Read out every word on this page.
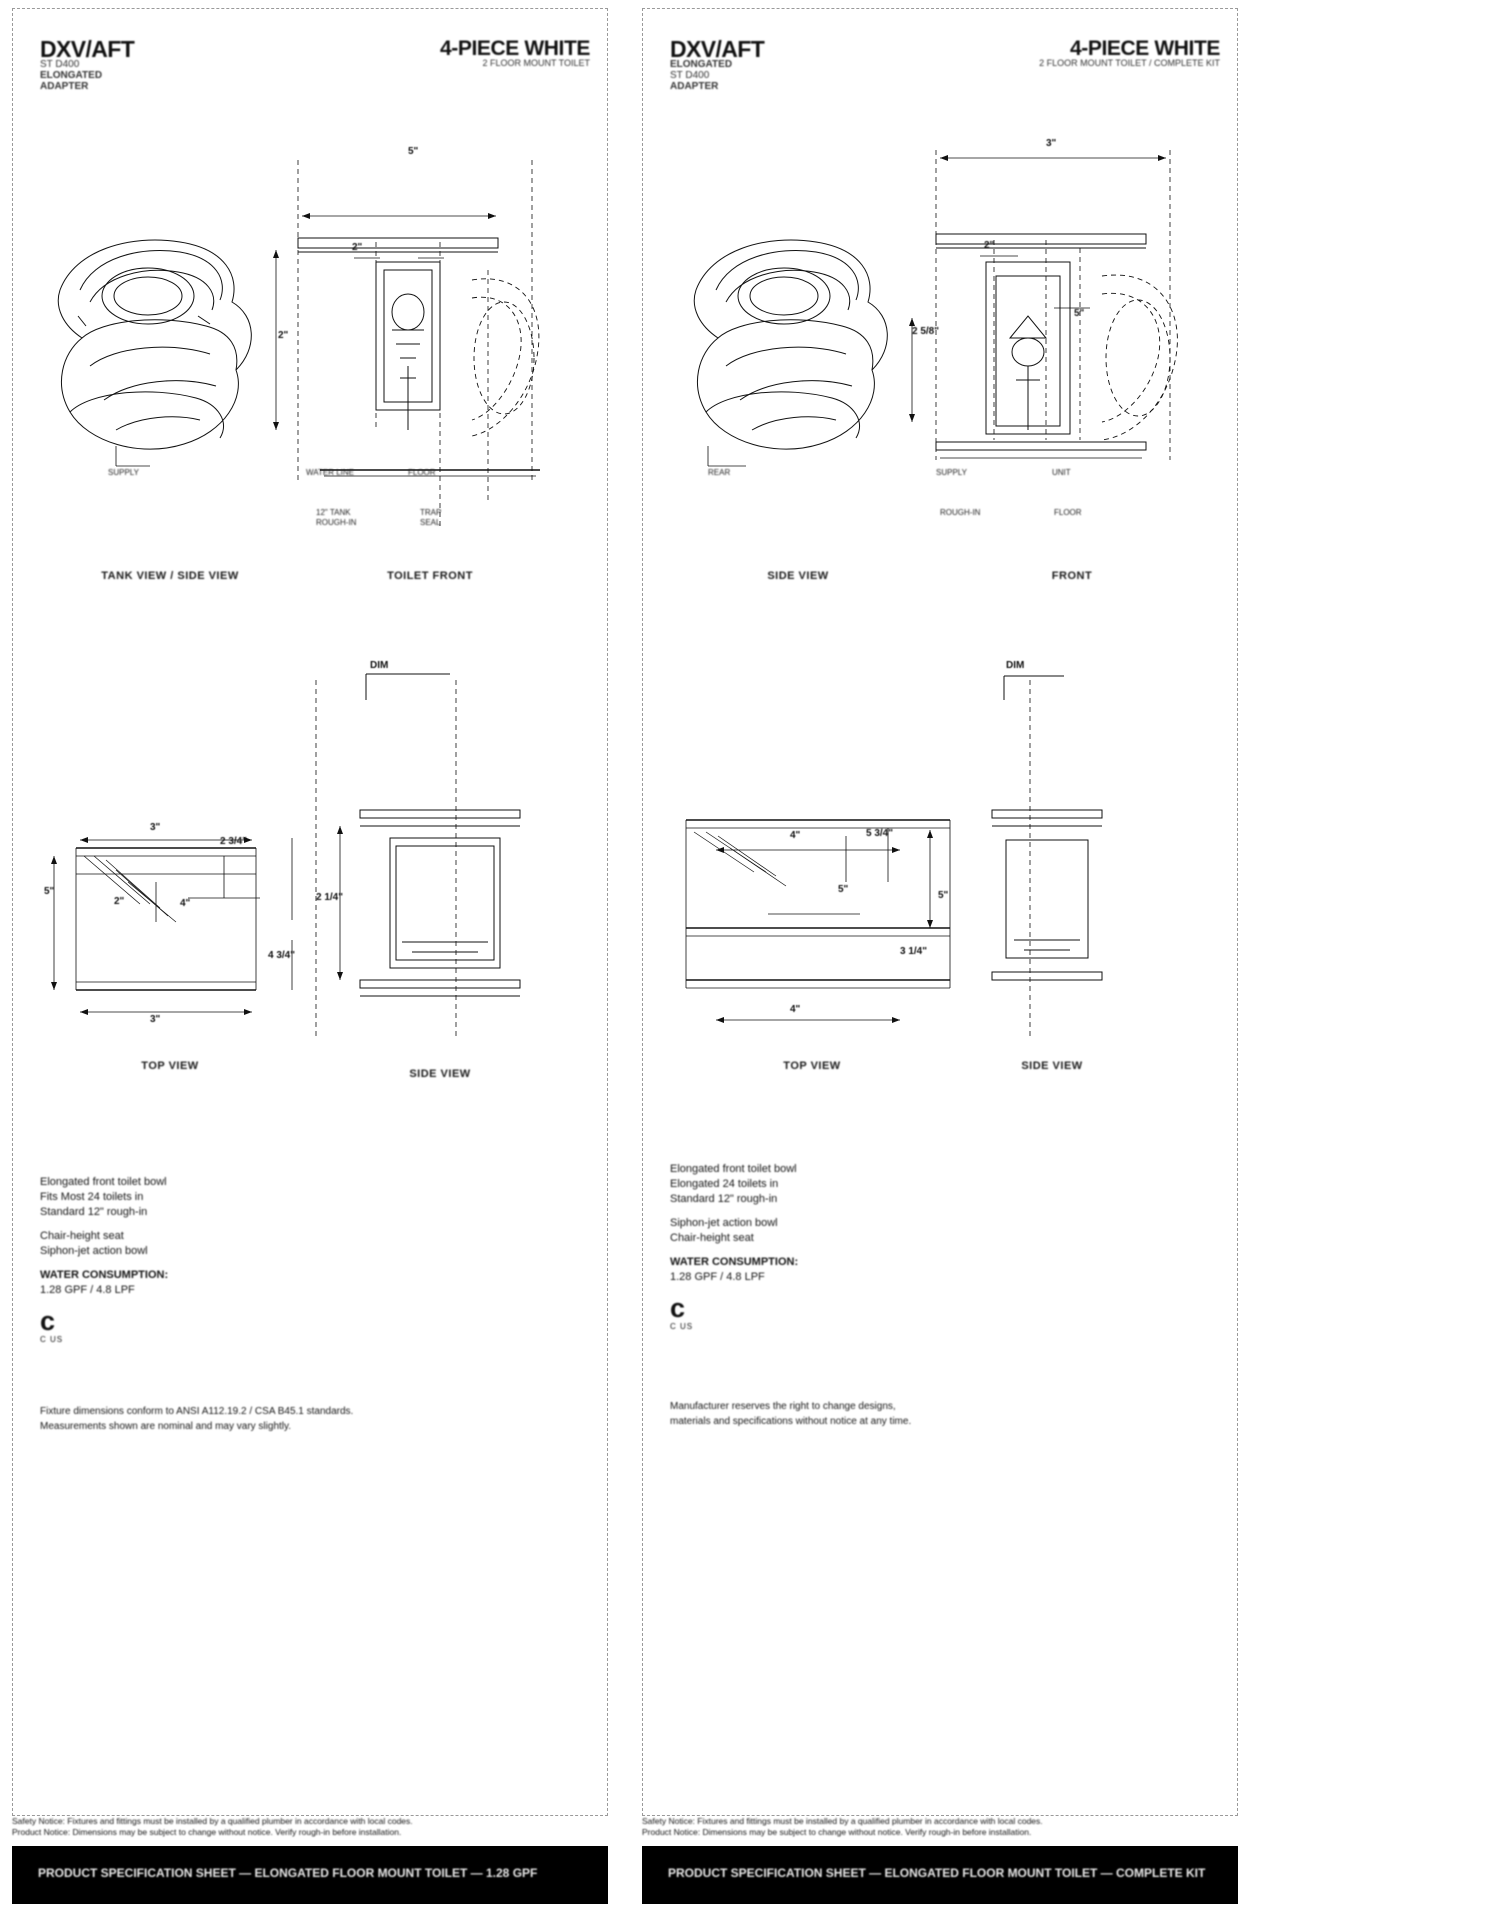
DXV/AFT
ST D400
ELONGATED
ADAPTER
4-PIECE WHITE
2 FLOOR MOUNT TOILET
5"
2"
2"
SUPPLY	WATER LINE	FLOOR
12" TANK
ROUGH-IN
TRAP
SEAL
TANK VIEW / SIDE VIEW	TOILET FRONT
3"
3"
5"
2 3/4"
4"
4 3/4"
2"	2 1/4"
DIM
TOP VIEW
SIDE VIEW
Elongated front toilet bowl
Fits Most 24 toilets in
Standard 12" rough-in
Chair-height seat
Siphon-jet action bowl
WATER CONSUMPTION:
1.28 GPF / 4.8 LPF
c
C US
Fixture dimensions conform to ANSI A112.19.2 / CSA B45.1 standards.
Measurements shown are nominal and may vary slightly.
Safety Notice: Fixtures and fittings must be installed by a qualified plumber in accordance with local codes.
Product Notice: Dimensions may be subject to change without notice. Verify rough-in before installation.
PRODUCT SPECIFICATION SHEET — ELONGATED FLOOR MOUNT TOILET — 1.28 GPF
DXV/AFT
ELONGATED
ST D400
ADAPTER
4-PIECE WHITE
2 FLOOR MOUNT TOILET / COMPLETE KIT
3"
2 5/8"
2"
5"
REAR	SUPPLY	UNIT
ROUGH-IN	FLOOR
SIDE VIEW	FRONT
4"	5 3/4"
5"
3 1/4"
4"
5"
DIM
TOP VIEW	SIDE VIEW
Elongated front toilet bowl
Elongated 24 toilets in
Standard 12" rough-in
Siphon-jet action bowl
Chair-height seat
WATER CONSUMPTION:
1.28 GPF / 4.8 LPF
c
C US
Manufacturer reserves the right to change designs,
materials and specifications without notice at any time.
Safety Notice: Fixtures and fittings must be installed by a qualified plumber in accordance with local codes.
Product Notice: Dimensions may be subject to change without notice. Verify rough-in before installation.
PRODUCT SPECIFICATION SHEET — ELONGATED FLOOR MOUNT TOILET — COMPLETE KIT
